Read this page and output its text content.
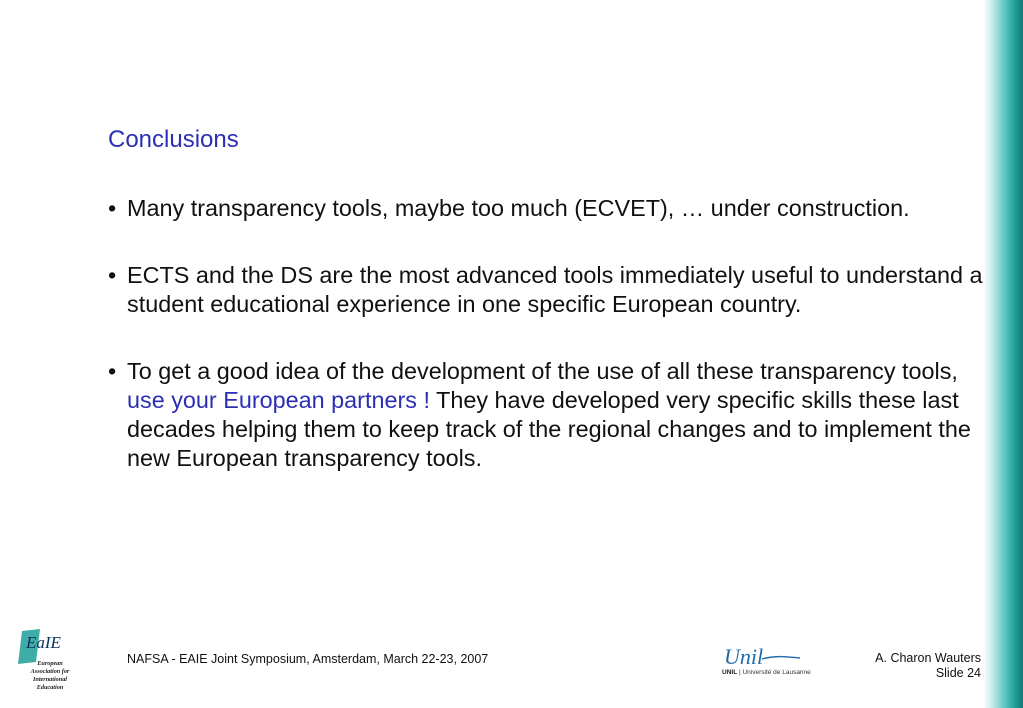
Conclusions
• Many transparency tools, maybe too much (ECVET), … under construction.
• ECTS and the DS are the most advanced tools immediately useful to understand a student educational experience in one specific European country.
• To get a good idea of the development of the use of all these transparency tools, use your European partners ! They have developed very specific skills these last decades helping them to keep track of the regional changes and to implement the new European transparency tools.
EaIE
European Association for International Education
NAFSA - EAIE Joint Symposium, Amsterdam, March 22-23, 2007	Unil
UNIL | Université de Lausanne
A. Charon Wauters
Slide 24
